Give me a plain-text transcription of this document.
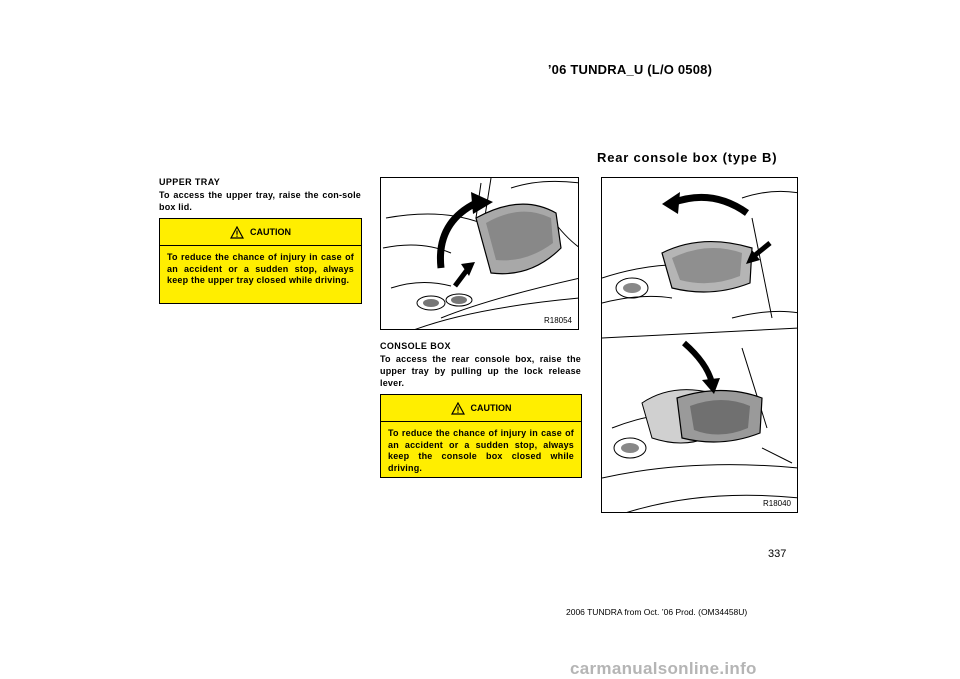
’06 TUNDRA_U (L/O 0508)
Rear console box (type B)
UPPER TRAY
To access the upper tray, raise the con-sole box lid.
CAUTION
To reduce the chance of injury in case of an accident or a sudden stop, always keep the upper tray closed while driving.
R18054
CONSOLE BOX
To access the rear console box, raise the upper tray by pulling up the lock release lever.
CAUTION
To reduce the chance of injury in case of an accident or a sudden stop, always keep the console box closed while driving.
R18040
337
2006 TUNDRA from Oct. ’06 Prod. (OM34458U)
carmanualsonline.info
